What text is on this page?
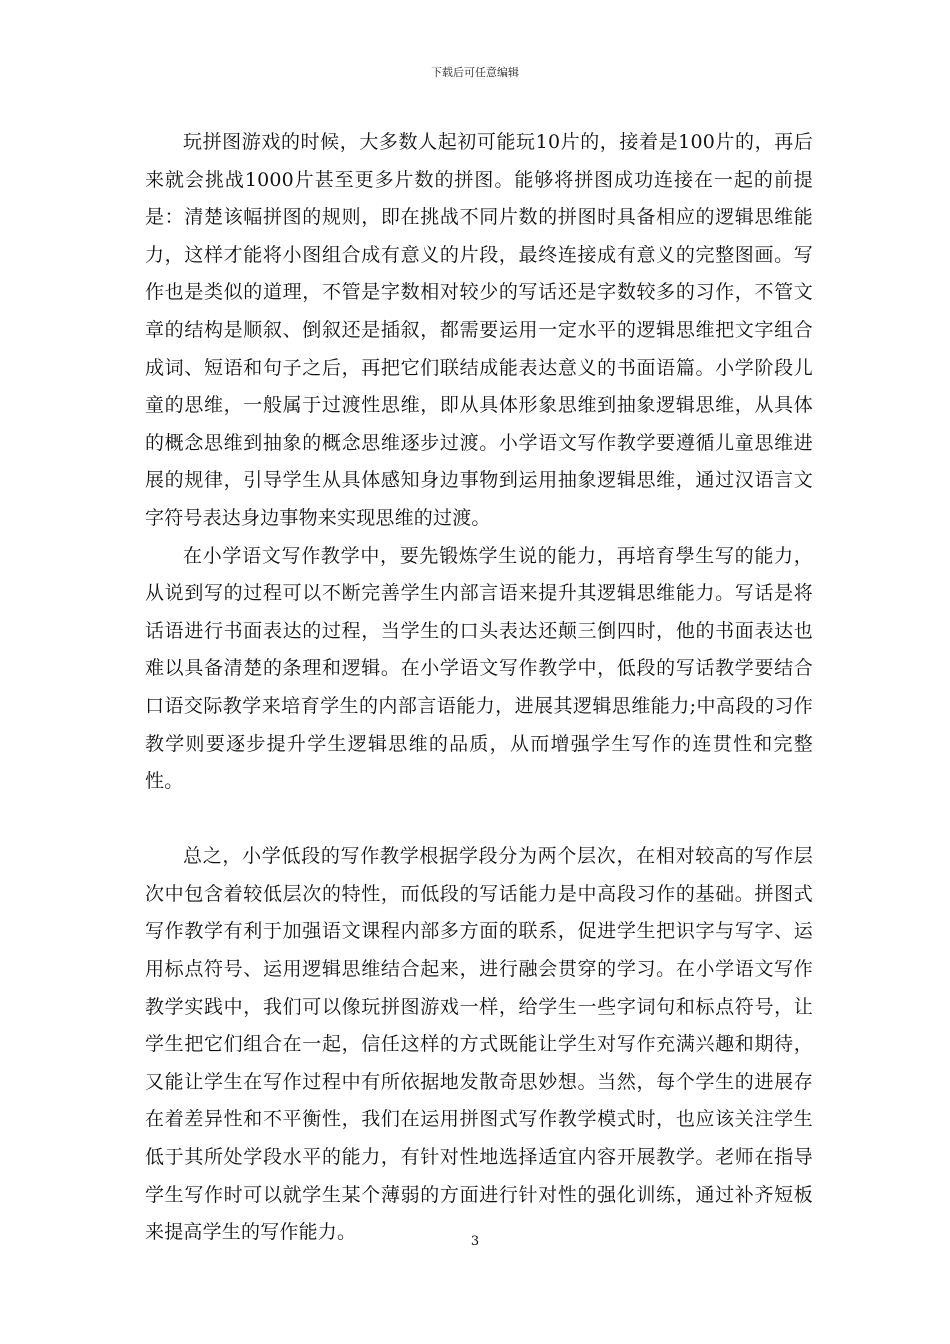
下载后可任意编辑

玩拼图游戏的时候，大多数人起初可能玩10片的，接着是100片的，再后来就会挑战1000片甚至更多片数的拼图。能够将拼图成功连接在一起的前提是：清楚该幅拼图的规则，即在挑战不同片数的拼图时具备相应的逻辑思维能力，这样才能将小图组合成有意义的片段，最终连接成有意义的完整图画。写作也是类似的道理，不管是字数相对较少的写话还是字数较多的习作，不管文章的结构是顺叙、倒叙还是插叙，都需要运用一定水平的逻辑思维把文字组合成词、短语和句子之后，再把它们联结成能表达意义的书面语篇。小学阶段儿童的思维，一般属于过渡性思维，即从具体形象思维到抽象逻辑思维，从具体的概念思维到抽象的概念思维逐步过渡。小学语文写作教学要遵循儿童思维进展的规律，引导学生从具体感知身边事物到运用抽象逻辑思维，通过汉语言文字符号表达身边事物来实现思维的过渡。

在小学语文写作教学中，要先锻炼学生说的能力，再培育學生写的能力，从说到写的过程可以不断完善学生内部言语来提升其逻辑思维能力。写话是将话语进行书面表达的过程，当学生的口头表达还颠三倒四时，他的书面表达也难以具备清楚的条理和逻辑。在小学语文写作教学中，低段的写话教学要结合口语交际教学来培育学生的内部言语能力，进展其逻辑思维能力;中高段的习作教学则要逐步提升学生逻辑思维的品质，从而增强学生写作的连贯性和完整性。

总之，小学低段的写作教学根据学段分为两个层次，在相对较高的写作层次中包含着较低层次的特性，而低段的写话能力是中高段习作的基础。拼图式写作教学有利于加强语文课程内部多方面的联系，促进学生把识字与写字、运用标点符号、运用逻辑思维结合起来，进行融会贯穿的学习。在小学语文写作教学实践中，我们可以像玩拼图游戏一样，给学生一些字词句和标点符号，让学生把它们组合在一起，信任这样的方式既能让学生对写作充满兴趣和期待，又能让学生在写作过程中有所依据地发散奇思妙想。当然，每个学生的进展存在着差异性和不平衡性，我们在运用拼图式写作教学模式时，也应该关注学生低于其所处学段水平的能力，有针对性地选择适宜内容开展教学。老师在指导学生写作时可以就学生某个薄弱的方面进行针对性的强化训练，通过补齐短板来提高学生的写作能力。	3
